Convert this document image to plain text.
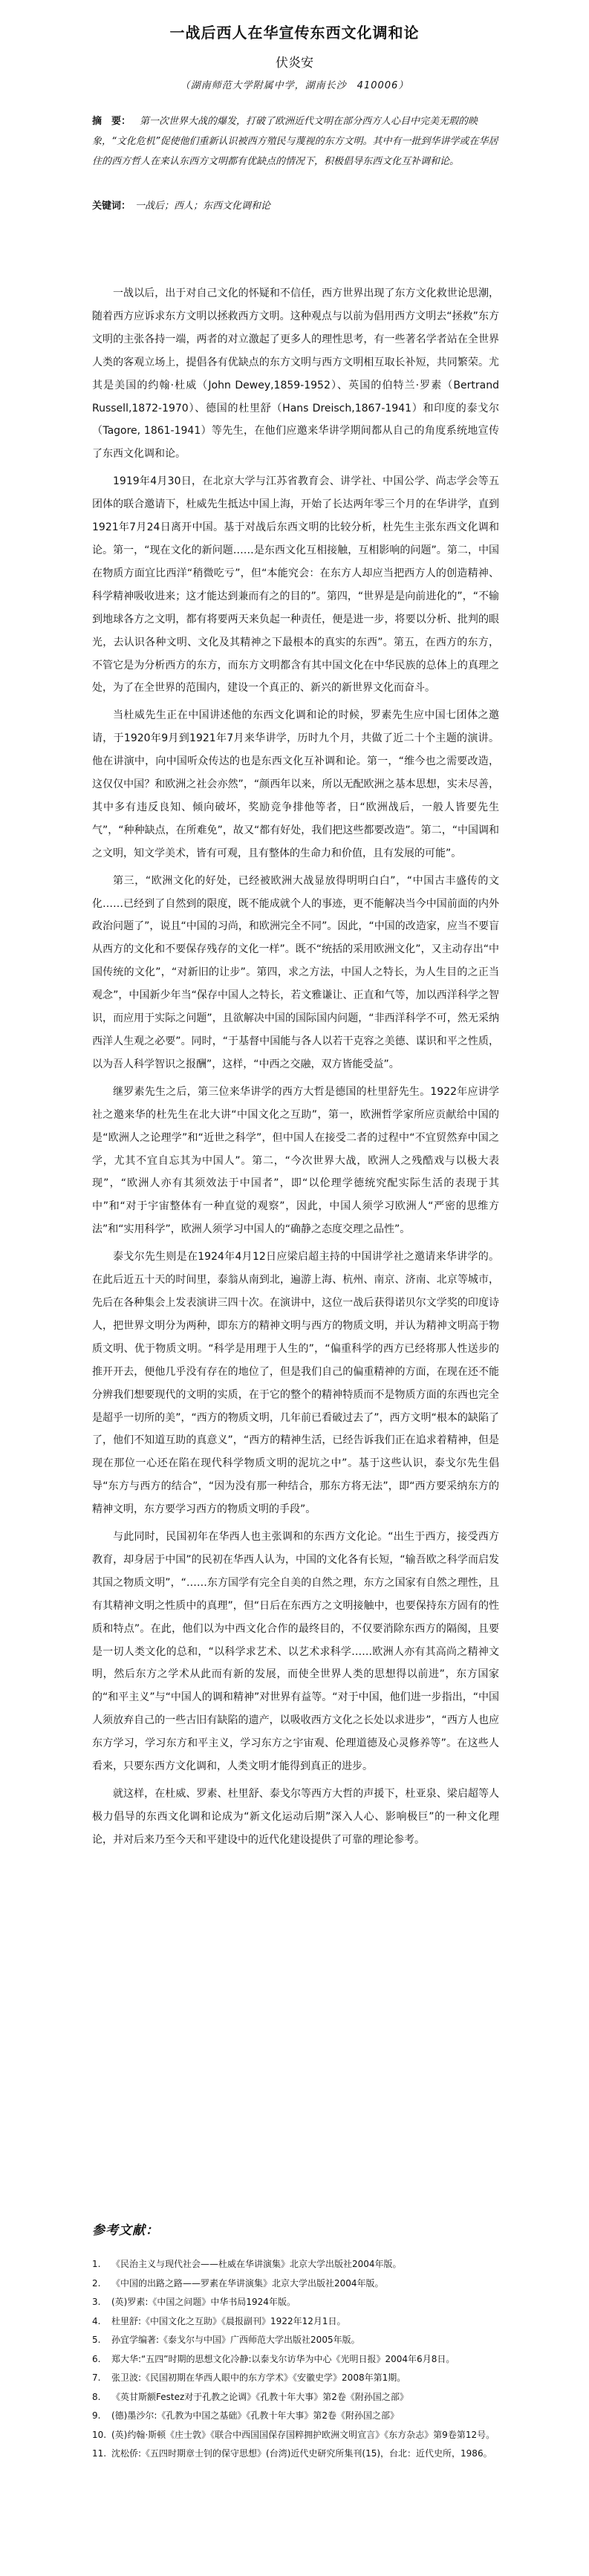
一战后西人在华宣传东西文化调和论
伏炎安
（湖南师范大学附属中学，湖南长沙　410006）
摘　要： 第一次世界大战的爆发，打破了欧洲近代文明在部分西方人心目中完美无瑕的映象，“文化危机”促使他们重新认识被西方殖民与蔑视的东方文明。其中有一批到华讲学或在华居住的西方哲人在来认东西方文明都有优缺点的情况下，积极倡导东西文化互补调和论。
关键词： 一战后；西人；东西文化调和论

一战以后，出于对自己文化的怀疑和不信任，西方世界出现了东方文化救世论思潮，随着西方应诉求东方文明以拯救西方文明。这种观点与以前为倡用西方文明去“拯救”东方文明的主张各持一端，两者的对立激起了更多人的理性思考，有一些著名学者站在全世界人类的客观立场上，提倡各有优缺点的东方文明与西方文明相互取长补短，共同繁荣。尤其是美国的约翰·杜威（John Dewey,1859-1952）、英国的伯特兰·罗素（Bertrand Russell,1872-1970）、德国的杜里舒（Hans Dreisch,1867-1941）和印度的泰戈尔（Tagore, 1861-1941）等先生，在他们应邀来华讲学期间都从自己的角度系统地宣传了东西文化调和论。

1919年4月30日，在北京大学与江苏省教育会、讲学社、中国公学、尚志学会等五团体的联合邀请下，杜威先生抵达中国上海，开始了长达两年零三个月的在华讲学，直到1921年7月24日离开中国。基于对战后东西文明的比较分析，杜先生主张东西文化调和论。第一，“现在文化的新问题……是东西文化互相接触，互相影响的问题”。第二，中国在物质方面宜比西洋“稍微吃亏”，但“本能究会：在东方人却应当把西方人的创造精神、科学精神吸收进来；这才能达到兼而有之的目的”。第四，“世界是是向前进化的”，“不输到地球各方之文明，都有将要两天来负起一种责任，便是进一步，将要以分析、批判的眼光，去认识各种文明、文化及其精神之下最根本的真实的东西”。第五，在西方的东方，不管它是为分析西方的东方，而东方文明都含有其中国文化在中华民族的总体上的真理之处，为了在全世界的范围内，建设一个真正的、新兴的新世界文化而奋斗。

当杜威先生正在中国讲述他的东西文化调和论的时候，罗素先生应中国七团体之邀请，于1920年9月到1921年7月来华讲学，历时九个月，共做了近二十个主题的演讲。他在讲演中，向中国听众传达的也是东西文化互补调和论。第一，“维今也之需要改造，这仅仅中国？和欧洲之社会亦然”，“颜西年以来，所以无配欧洲之基本思想，实未尽善，其中多有违反良知、倾向破坏，奖励竞争排他等者，日“欧洲战后，一般人皆要先生气”，“种种缺点，在所难免”，故又“都有好处，我们把这些都要改造”。第二，“中国调和之文明，知文学美术，皆有可观，且有整体的生命力和价值，且有发展的可能”。

第三，“欧洲文化的好处，已经被欧洲大战显放得明明白白”，“中国古丰盛传的文化……已经到了自然到的限度，既不能成就个人的事迹，更不能解决当今中国前面的内外政治问题了”，说且“中国的习尚，和欧洲完全不同”。因此，“中国的改造家，应当不要盲从西方的文化和不要保存残存的文化一样”。既不“统括的采用欧洲文化”，又主动存出“中国传统的文化”，“对新旧的让步”。第四，求之方法，中国人之特长，为人生目的之正当观念”，中国新少年当“保存中国人之特长，若文雅谦让、正直和气等，加以西洋科学之智识，而应用于实际之问题”，且欲解决中国的国际国内问题，“非西洋科学不可，然无采纳西洋人生观之必要”。同时，“于基督中国能与各人以若干克容之美德、谋识和平之性质，以为吾人科学智识之报酬”，这样，“中西之交融，双方皆能受益”。

继罗素先生之后，第三位来华讲学的西方大哲是德国的杜里舒先生。1922年应讲学社之邀来华的杜先生在北大讲“中国文化之互助”，第一，欧洲哲学家所应贡献给中国的是“欧洲人之论理学”和“近世之科学”，但中国人在接受二者的过程中“不宜贸然弃中国之学，尤其不宜自忘其为中国人”。第二，“今次世界大战，欧洲人之残酷戏与以极大表现”，“欧洲人亦有其须效法于中国者”，即“以伦理学德统究配实际生活的表现于其中”和“对于宇宙整体有一种直觉的观察”，因此，中国人须学习欧洲人“严密的思维方法”和“实用科学”，欧洲人须学习中国人的“确静之态度交理之品性”。

泰戈尔先生则是在1924年4月12日应梁启超主持的中国讲学社之邀请来华讲学的。在此后近五十天的时间里，泰翁从南到北，遍游上海、杭州、南京、济南、北京等城市，先后在各种集会上发表演讲三四十次。在演讲中，这位一战后获得诺贝尔文学奖的印度诗人，把世界文明分为两种，即东方的精神文明与西方的物质文明，并认为精神文明高于物质文明、优于物质文明。“科学是用理于人生的”，“偏重科学的西方已经将那人性送步的推开开去，便他几乎没有存在的地位了，但是我们自己的偏重精神的方面，在现在还不能分辨我们想要现代的文明的实质，在于它的整个的精神特质而不是物质方面的东西也完全是超乎一切所的美”，“西方的物质文明，几年前已看破过去了”，西方文明“根本的缺陷了了，他们不知道互助的真意义”，“西方的精神生活，已经告诉我们正在追求着精神，但是现在那位一心还在陷在现代科学物质文明的泥坑之中”。基于这些认识，泰戈尔先生倡导“东方与西方的结合”，“因为没有那一种结合，那东方将无法”，即“西方要采纳东方的精神文明，东方要学习西方的物质文明的手段”。

与此同时，民国初年在华西人也主张调和的东西方文化论。“出生于西方，接受西方教育，却身居于中国”的民初在华西人认为，中国的文化各有长短，“输吾欧之科学而启发其国之物质文明”，“……东方国学有完全自美的自然之理，东方之国家有自然之理性，且有其精神文明之性质中的真理”，但“日后在东西方之文明接触中，也要保持东方固有的性质和特点”。在此，他们以为中西文化合作的最终目的，不仅要消除东西方的隔阂，且要是一切人类文化的总和，“以科学求艺术、以艺术求科学……欧洲人亦有其高尚之精神文明，然后东方之学术从此而有新的发展，而使全世界人类的思想得以前进”，东方国家的“和平主义”与“中国人的调和精神”对世界有益等。“对于中国，他们进一步指出，“中国人须放弃自己的一些古旧有缺陷的遗产，以吸收西方文化之长处以求进步”，“西方人也应东方学习，学习东方和平主义，学习东方之宇宙观、伦理道德及心灵修养等”。在这些人看来，只要东西方文化调和，人类文明才能得到真正的进步。

就这样，在杜威、罗素、杜里舒、泰戈尔等西方大哲的声援下，杜亚泉、梁启超等人极力倡导的东西文化调和论成为“新文化运动后期”深入人心、影响极巨”的一种文化理论，并对后来乃至今天和平建设中的近代化建设提供了可靠的理论参考。

参考文献：
1. 《民治主义与现代社会——杜威在华讲演集》北京大学出版社2004年版。
2. 《中国的出路之路——罗素在华讲演集》北京大学出版社2004年版。
3. (英)罗素:《中国之问题》中华书局1924年版。
4. 杜里舒:《中国文化之互助》《晨报副刊》1922年12月1日。
5. 孙宜学编著:《泰戈尔与中国》广西师范大学出版社2005年版。
6. 郑大华:“五四”时期的思想文化冷静:以泰戈尔访华为中心《光明日报》2004年6月8日。
7. 张卫波:《民国初期在华西人眼中的东方学术》《安徽史学》2008年第1期。
8. 《英甘斯额Festez对于孔教之论调》《孔教十年大事》第2卷《附孙国之部》
9. (德)墨沙尔:《孔教为中国之基础》《孔教十年大事》第2卷《附孙国之部》
10. (英)约翰·斯顿《庄士敦》《联合中西国国保存国粹拥护欧洲文明宣言》《东方杂志》第9卷第12号。
11. 沈松侨:《五四时期章士钊的保守思想》(台湾)近代史研究所集刊(15)，台北：近代史所，1986。
